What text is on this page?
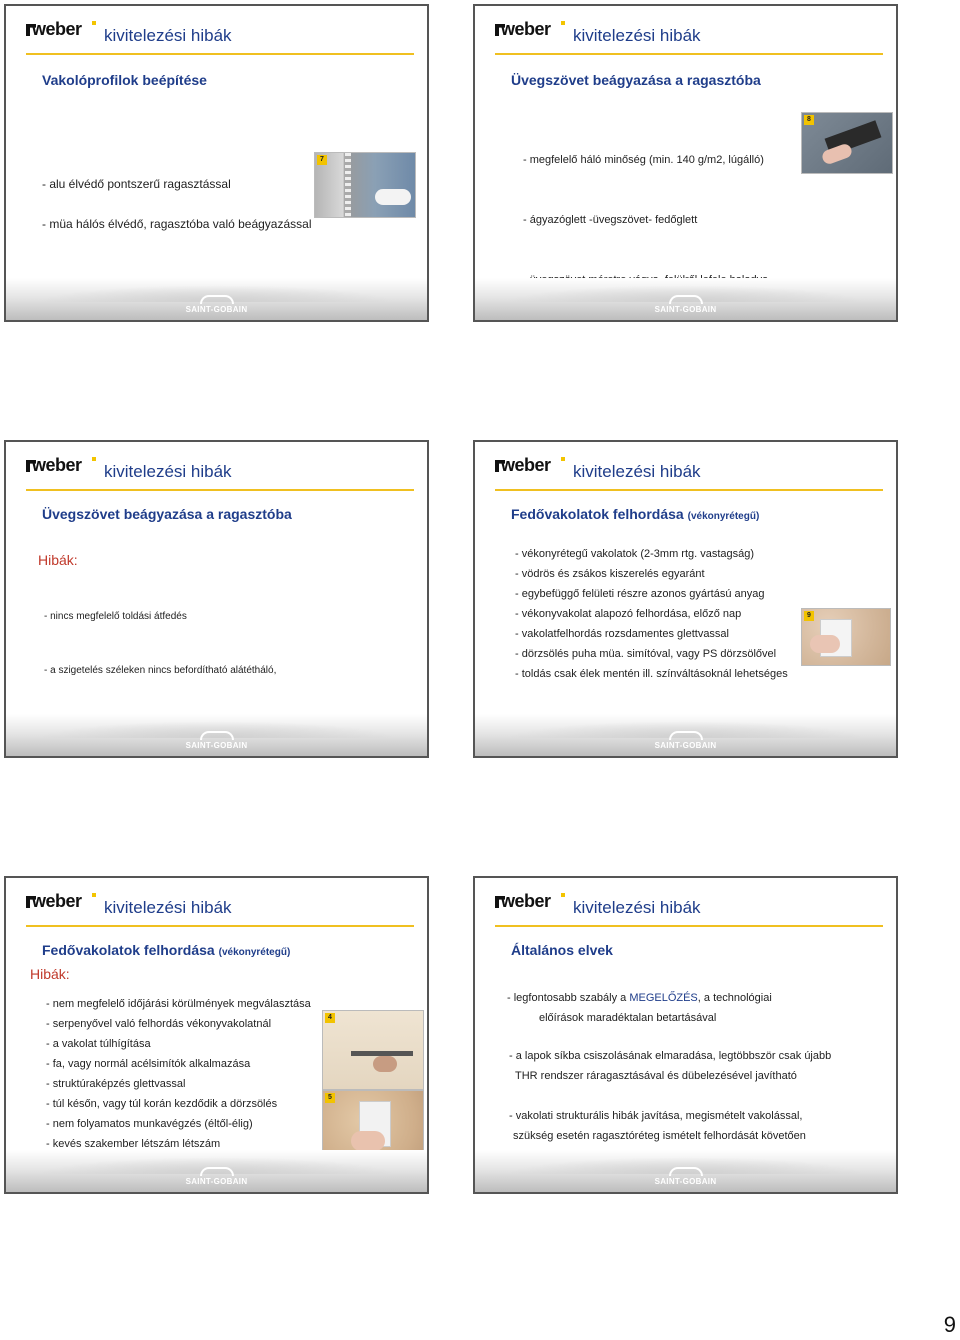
weber kivitelezési hibák
Vakolóprofilok beépítése
- alu élvédő pontszerű ragasztással
- müa hálós élvédő, ragasztóba való beágyazással
7
SAINT-GOBAIN
weber kivitelezési hibák
Üvegszövet beágyazása a ragasztóba

- megfelelő háló minőség (min. 140 g/m2, lúgálló)

- ágyazóglett -üvegszövet- fedőglett

8
SAINT-GOBAIN
weber kivitelezési hibák
Üvegszövet beágyazása a ragasztóba
Hibák:

- nincs megfelelő toldási átfedés

- a szigetelés széleken nincs befordítható alátétháló,

SAINT-GOBAIN
weber kivitelezési hibák
Fedővakolatok felhordása (vékonyrétegű)
- vékonyrétegű vakolatok (2-3mm rtg. vastagság)
- vödrös és zsákos kiszerelés egyaránt
- egybefüggő felületi részre azonos gyártású anyag
- vékonyvakolat alapozó felhordása, előző nap
- vakolatfelhordás rozsdamentes glettvassal
- dörzsölés puha müa. simítóval, vagy PS dörzsölővel
- toldás csak élek mentén ill. színváltásoknál lehetséges
9
SAINT-GOBAIN
weber kivitelezési hibák
Fedővakolatok felhordása (vékonyrétegű)
Hibák:
- nem megfelelő időjárási körülmények megválasztása
- serpenyővel való felhordás vékonyvakolatnál
- a vakolat túlhígítása
- fa, vagy normál acélsimítók alkalmazása
- struktúraképzés glettvassal
- túl későn, vagy túl korán kezdődik a dörzsölés
- nem folyamatos munkavégzés (éltől-élig)
- kevés szakember létszám létszám
4
5
SAINT-GOBAIN
weber kivitelezési hibák
Általános elvek
- legfontosabb szabály a MEGELŐZÉS, a technológiai
előírások maradéktalan betartásával
- a lapok síkba csiszolásának elmaradása, legtöbbször csak újabb
THR rendszer ráragasztásával és dübelezésével javítható
- vakolati strukturális hibák javítása, megismételt vakolással,
szükség esetén ragasztóréteg ismételt felhordását követően
SAINT-GOBAIN
9
